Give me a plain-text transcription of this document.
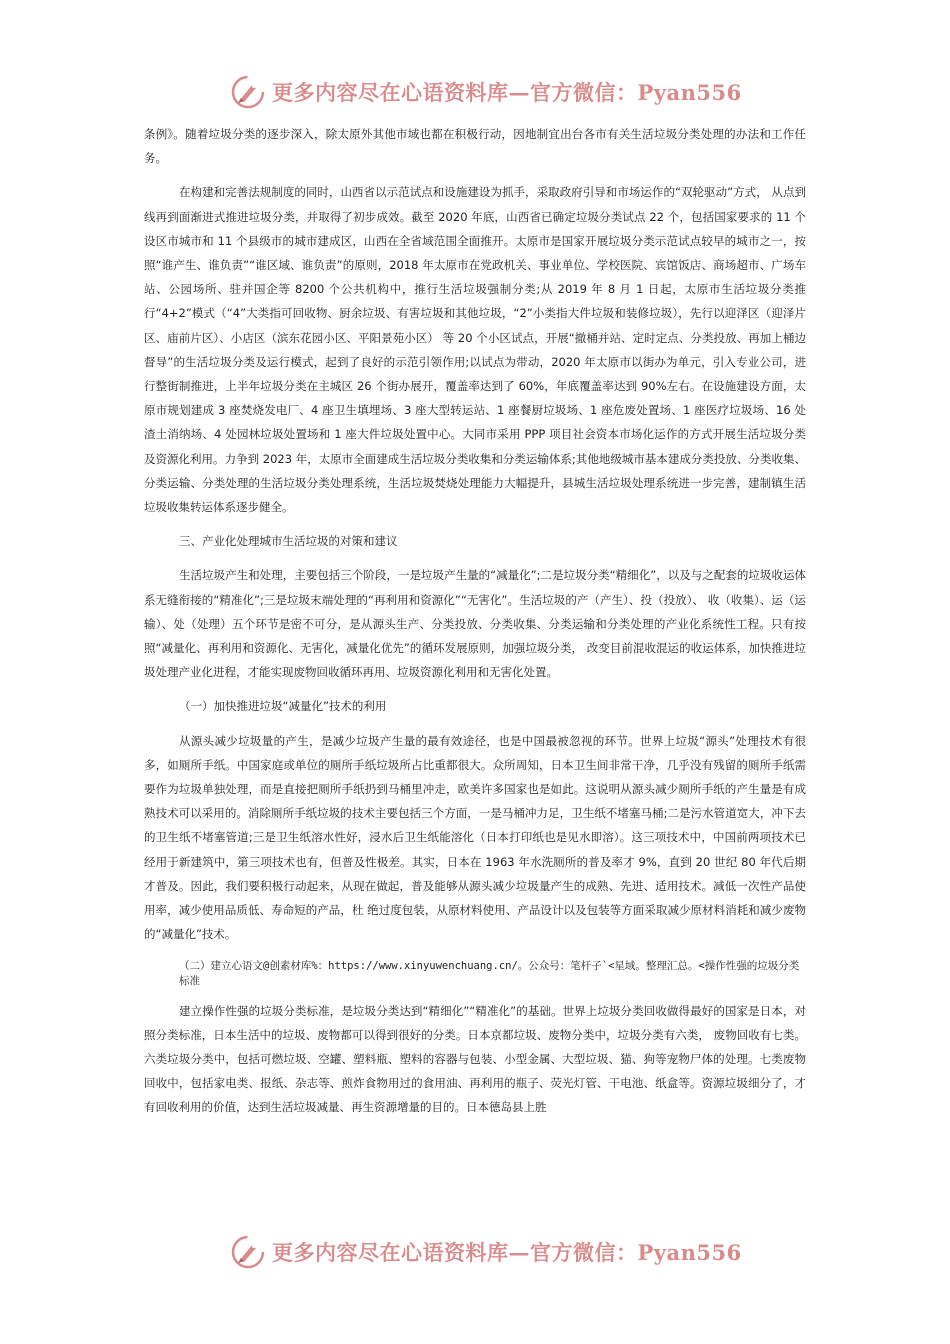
更多内容尽在心语资料库—官方微信：Pyan556

条例》。随着垃圾分类的逐步深入，除太原外其他市域也都在积极行动，因地制宜出台各市有关生活垃圾分类处理的办法和工作任务。

在构建和完善法规制度的同时，山西省以示范试点和设施建设为抓手，采取政府引导和市场运作的“双轮驱动”方式， 从点到线再到面渐进式推进垃圾分类，并取得了初步成效。截至 2020 年底，山西省已确定垃圾分类试点 22 个，包括国家要求的 11 个设区市城市和 11 个县级市的城市建成区，山西在全省域范围全面推开。太原市是国家开展垃圾分类示范试点较早的城市之一，按照“谁产生、谁负责”“谁区域、谁负责”的原则，2018 年太原市在党政机关、事业单位、学校医院、宾馆饭店、商场超市、广场车站、公园场所、驻并国企等 8200 个公共机构中，推行生活垃圾强制分类;从 2019 年 8 月 1 日起，太原市生活垃圾分类推行“4+2”模式（“4”大类指可回收物、厨余垃圾、有害垃圾和其他垃圾，“2”小类指大件垃圾和装修垃圾），先行以迎泽区（迎泽片区、庙前片区）、小店区（滨东花园小区、平阳景苑小区） 等 20 个小区试点，开展“撤桶并站、定时定点、分类投放、再加上桶边督导”的生活垃圾分类及运行模式，起到了良好的示范引领作用;以试点为带动，2020 年太原市以街办为单元，引入专业公司，进行整街制推进，上半年垃圾分类在主城区 26 个街办展开，覆盖率达到了 60%，年底覆盖率达到 90%左右。在设施建设方面，太原市规划建成 3 座焚烧发电厂、4 座卫生填埋场、3 座大型转运站、1 座餐厨垃圾场、1 座危废处置场、1 座医疗垃圾场、16 处渣土消纳场、4 处园林垃圾处置场和 1 座大件垃圾处置中心。大同市采用 PPP 项目社会资本市场化运作的方式开展生活垃圾分类及资源化利用。力争到 2023 年，太原市全面建成生活垃圾分类收集和分类运输体系;其他地级城市基本建成分类投放、分类收集、分类运输、分类处理的生活垃圾分类处理系统，生活垃圾焚烧处理能力大幅提升，县城生活垃圾处理系统进一步完善，建制镇生活垃圾收集转运体系逐步健全。

三、产业化处理城市生活垃圾的对策和建议

生活垃圾产生和处理，主要包括三个阶段，一是垃圾产生量的“减量化”;二是垃圾分类“精细化”，以及与之配套的垃圾收运体系无缝衔接的“精准化”;三是垃圾末端处理的“再利用和资源化”“无害化”。生活垃圾的产（产生）、投（投放）、 收（收集）、运（运输）、处（处理）五个环节是密不可分，是从源头生产、分类投放、分类收集、分类运输和分类处理的产业化系统性工程。只有按照“减量化、再利用和资源化、无害化，减量化优先”的循环发展原则，加强垃圾分类， 改变目前混收混运的收运体系，加快推进垃圾处理产业化进程，才能实现废物回收循环再用、垃圾资源化利用和无害化处置。

（一）加快推进垃圾“减量化”技术的利用

从源头减少垃圾量的产生，是减少垃圾产生量的最有效途径，也是中国最被忽视的环节。世界上垃圾“源头”处理技术有很多，如厕所手纸。中国家庭或单位的厕所手纸垃圾所占比重都很大。众所周知，日本卫生间非常干净，几乎没有残留的厕所手纸需要作为垃圾单独处理，而是直接把厕所手纸扔到马桶里冲走，欧美许多国家也是如此。这说明从源头减少厕所手纸的产生量是有成熟技术可以采用的。消除厕所手纸垃圾的技术主要包括三个方面，一是马桶冲力足，卫生纸不堵塞马桶;二是污水管道宽大，冲下去的卫生纸不堵塞管道;三是卫生纸溶水性好，浸水后卫生纸能溶化（日本打印纸也是见水即溶）。这三项技术中，中国前两项技术已经用于新建筑中，第三项技术也有，但普及性极差。其实，日本在 1963 年水洗厕所的普及率才 9%，直到 20 世纪 80 年代后期才普及。因此，我们要积极行动起来，从现在做起，普及能够从源头减少垃圾量产生的成熟、先进、适用技术。减低一次性产品使用率，减少使用品质低、寿命短的产品，杜 绝过度包装，从原材料使用、产品设计以及包装等方面采取减少原材料消耗和减少废物的“减量化”技术。

（二）建立心语文@创素材库%：https://www.xinyuwenchuang.cn/。公众号：笔杆子`<星域。整理汇总。<操作性强的垃圾分类标准

建立操作性强的垃圾分类标准，是垃圾分类达到“精细化”“精准化”的基础。世界上垃圾分类回收做得最好的国家是日本，对照分类标准，日本生活中的垃圾、废物都可以得到很好的分类。日本京都垃圾、废物分类中，垃圾分类有六类， 废物回收有七类。六类垃圾分类中，包括可燃垃圾、空罐、塑料瓶、塑料的容器与包装、小型金属、大型垃圾、猫、狗等宠物尸体的处理。七类废物回收中，包括家电类、报纸、杂志等、煎炸食物用过的食用油、再利用的瓶子、荧光灯管、干电池、纸盒等。资源垃圾细分了，才有回收利用的价值，达到生活垃圾减量、再生资源增量的目的。日本德岛县上胜

更多内容尽在心语资料库—官方微信：Pyan556
